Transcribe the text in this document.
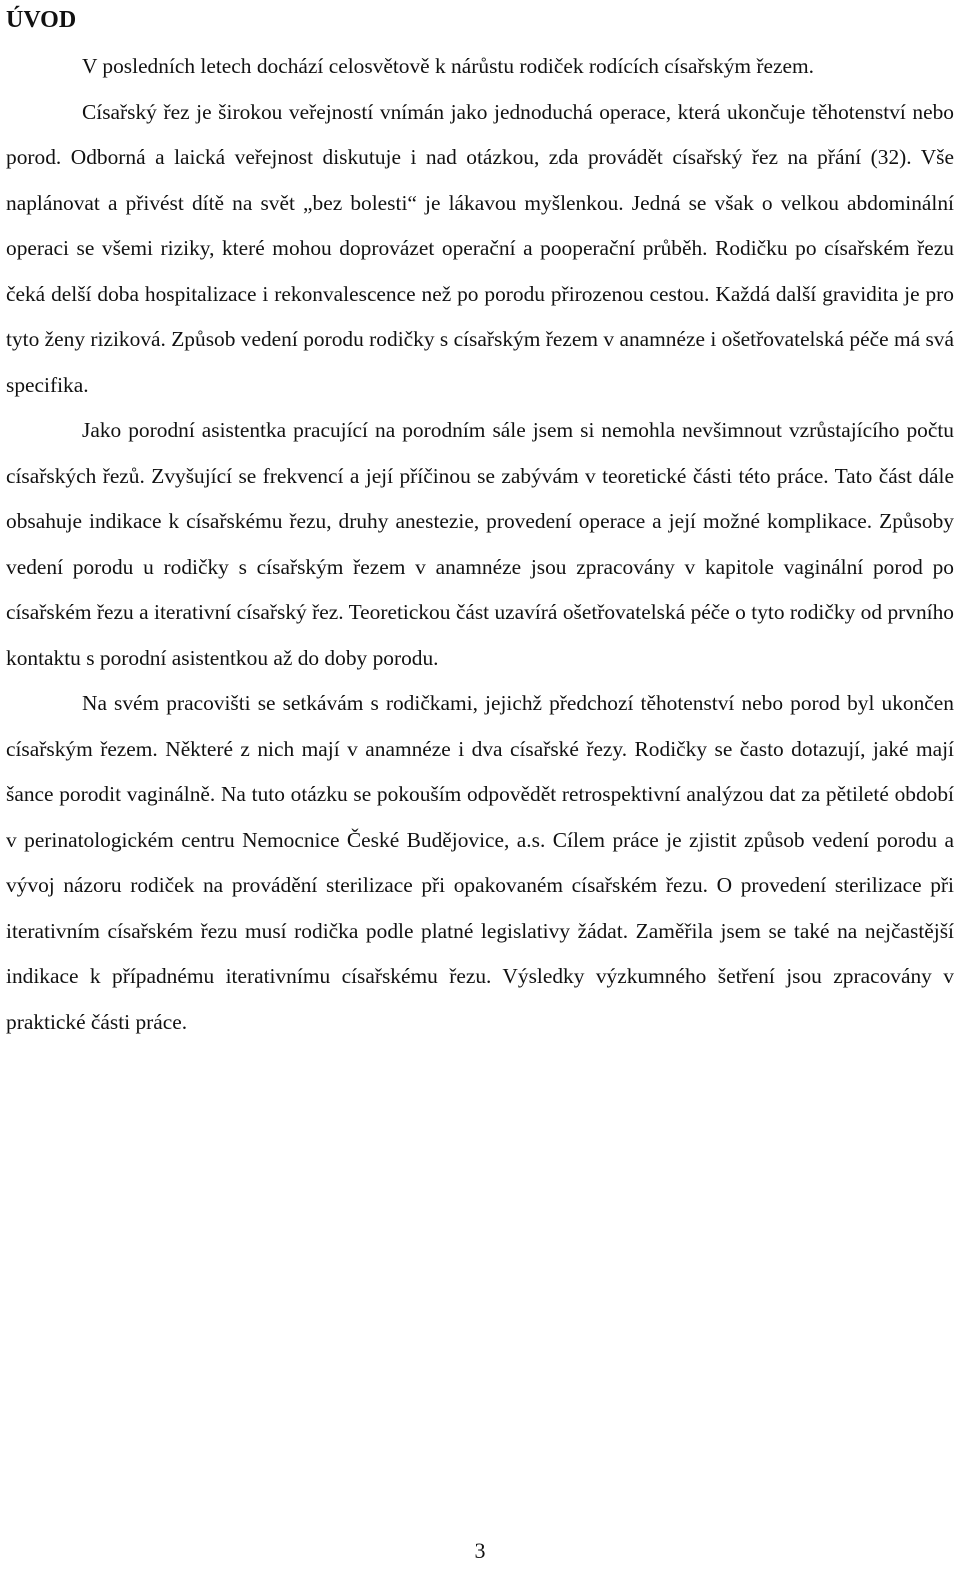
ÚVOD

V posledních letech dochází celosvětově k nárůstu rodiček rodících císařským řezem.

Císařský řez je širokou veřejností vnímán jako jednoduchá operace, která ukončuje těhotenství nebo porod. Odborná a laická veřejnost diskutuje i nad otázkou, zda provádět císařský řez na přání (32). Vše naplánovat a přivést dítě na svět „bez bolesti“ je lákavou myšlenkou. Jedná se však o velkou abdominální operaci se všemi riziky, které mohou doprovázet operační a pooperační průběh. Rodičku po císařském řezu čeká delší doba hospitalizace i rekonvalescence než po porodu přirozenou cestou. Každá další gravidita je pro tyto ženy riziková. Způsob vedení porodu rodičky s císařským řezem v anamnéze i ošetřovatelská péče má svá specifika.

Jako porodní asistentka pracující na porodním sále jsem si nemohla nevšimnout vzrůstajícího počtu císařských řezů. Zvyšující se frekvencí a její příčinou se zabývám v teoretické části této práce. Tato část dále obsahuje indikace k císařskému řezu, druhy anestezie, provedení operace a její možné komplikace. Způsoby vedení porodu u rodičky s císařským řezem v anamnéze jsou zpracovány v kapitole vaginální porod po císařském řezu a iterativní císařský řez. Teoretickou část uzavírá ošetřovatelská péče o tyto rodičky od prvního kontaktu s porodní asistentkou až do doby porodu.

Na svém pracovišti se setkávám s rodičkami, jejichž předchozí těhotenství nebo porod byl ukončen císařským řezem. Některé z nich mají v anamnéze i dva císařské řezy. Rodičky se často dotazují, jaké mají šance porodit vaginálně. Na tuto otázku se pokouším odpovědět retrospektivní analýzou dat za pětileté období v perinatologickém centru Nemocnice České Budějovice, a.s. Cílem práce je zjistit způsob vedení porodu a vývoj názoru rodiček na provádění sterilizace při opakovaném císařském řezu. O provedení sterilizace při iterativním císařském řezu musí rodička podle platné legislativy žádat. Zaměřila jsem se také na nejčastější indikace k případnému iterativnímu císařskému řezu. Výsledky výzkumného šetření jsou zpracovány v praktické části práce.

3
